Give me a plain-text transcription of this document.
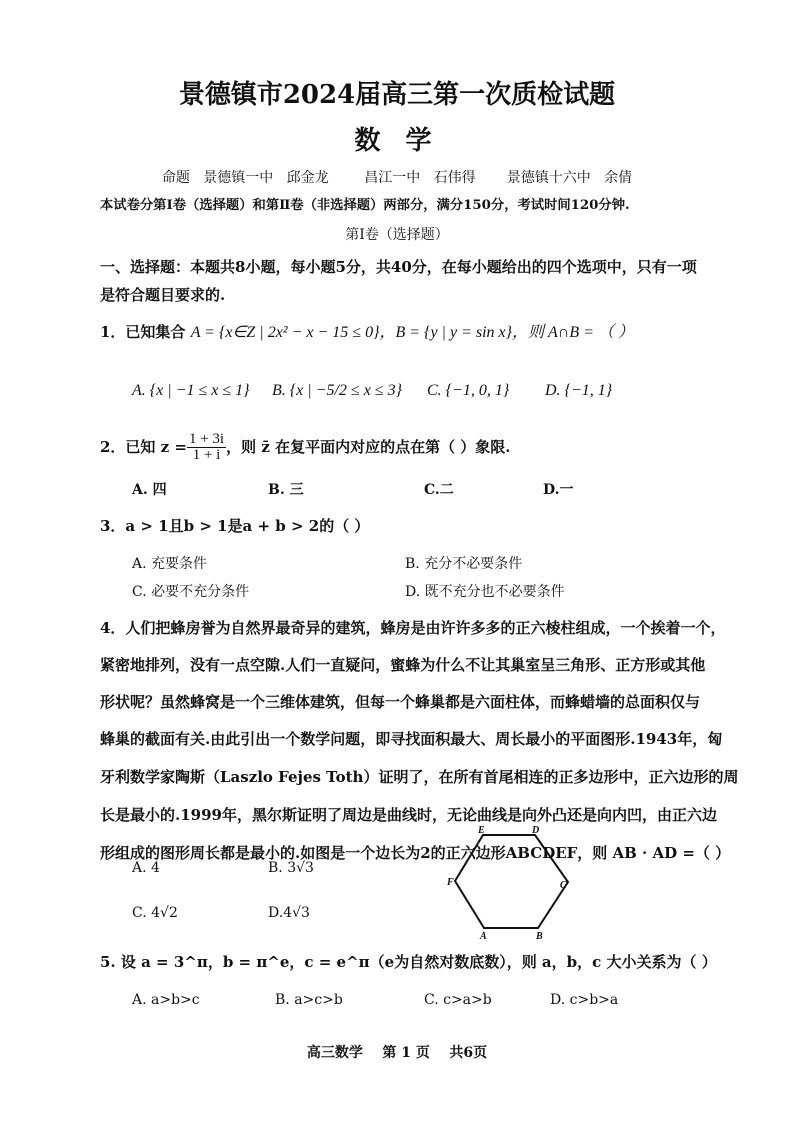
景德镇市2024届高三第一次质检试题
数 学
命题   景德镇一中   邱金龙        昌江一中   石伟得       景德镇十六中   余倩
本试卷分第Ⅰ卷（选择题）和第Ⅱ卷（非选择题）两部分，满分150分，考试时间120分钟.
第Ⅰ卷（选择题）
一、选择题：本题共8小题，每小题5分，共40分，在每小题给出的四个选项中，只有一项
是符合题目要求的.
1．已知集合 A = {x∈Z | 2x² − x − 15 ≤ 0}，B = {y | y = sin x}，则 A∩B = （ ）
A. {x | −1 ≤ x ≤ 1} B. {x | −5/2 ≤ x ≤ 3} C. {−1, 0, 1} D. {−1, 1}
2．已知 $z = \frac{1 + 3i}{1 + i}$ ，则 z̄ 在复平面内对应的点在第（ ）象限.
A. 四	B. 三	C.二	D.一
3．a > 1且b > 1是a + b > 2的（ ）
A. 充要条件	B. 充分不必要条件
C. 必要不充分条件	D. 既不充分也不必要条件
4．人们把蜂房誉为自然界最奇异的建筑，蜂房是由许许多多的正六棱柱组成，一个挨着一个，
紧密地排列，没有一点空隙.人们一直疑问，蜜蜂为什么不让其巢室呈三角形、正方形或其他
形状呢？虽然蜂窝是一个三维体建筑，但每一个蜂巢都是六面柱体，而蜂蜡墙的总面积仅与
蜂巢的截面有关.由此引出一个数学问题，即寻找面积最大、周长最小的平面图形.1943年，匈
牙利数学家陶斯（Laszlo Fejes Toth）证明了，在所有首尾相连的正多边形中，正六边形的周
长是最小的.1999年，黑尔斯证明了周边是曲线时，无论曲线是向外凸还是向内凹，由正六边
形组成的图形周长都是最小的.如图是一个边长为2的正六边形ABCDEF，则 AB · AD =（ ）
A. 4	B. 3√3
C. 4√2	D.4√3
A	B
C
D
E
F
5. 设 a = 3^π，b = π^e，c = e^π（e为自然对数底数），则 a，b，c 大小关系为（ ）
A. a>b>c	B. a>c>b	C. c>a>b	D. c>b>a
高三数学    第 1 页    共6页
